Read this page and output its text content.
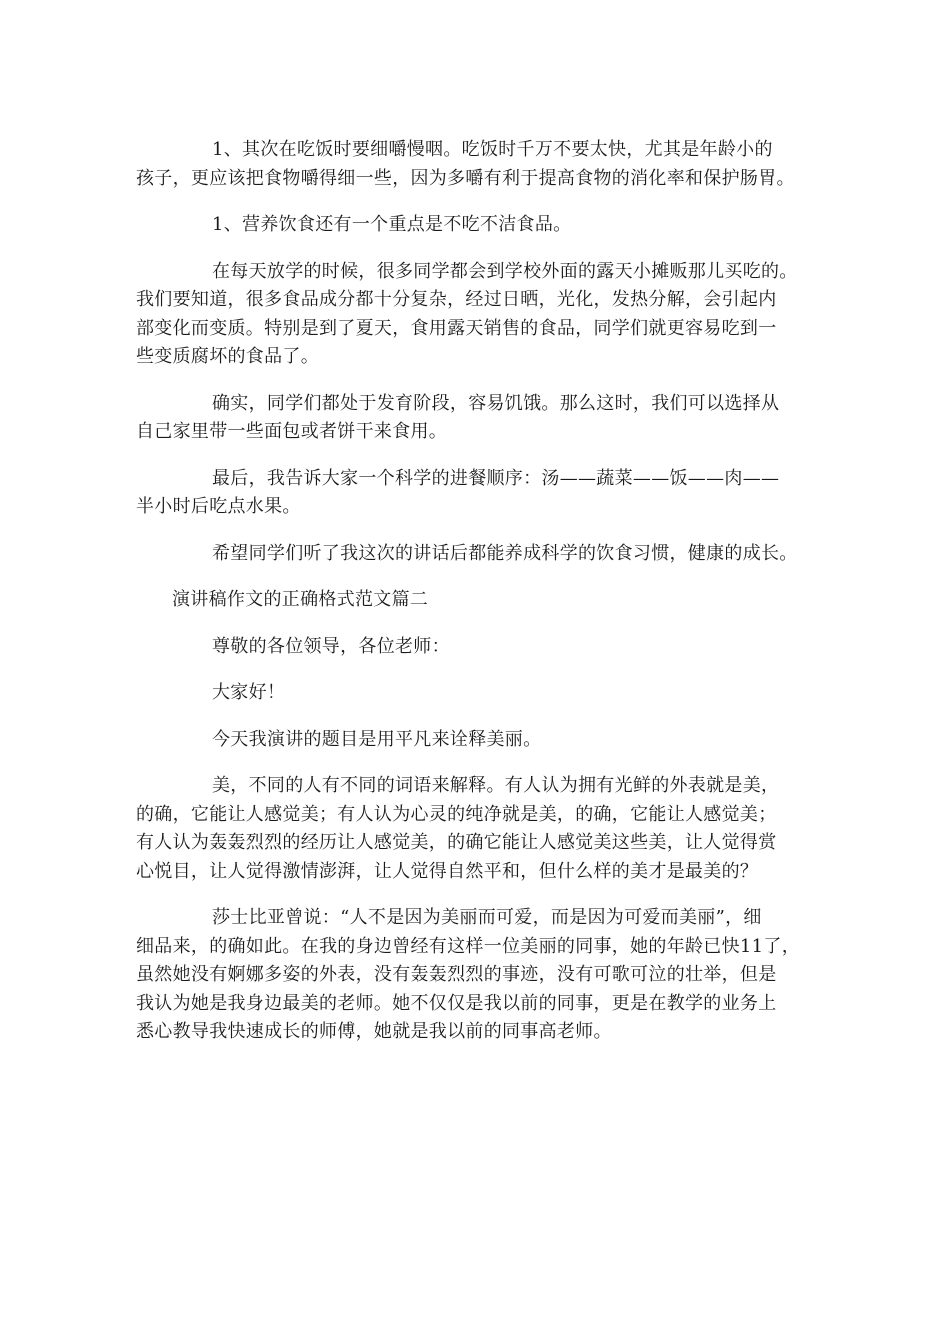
1、其次在吃饭时要细嚼慢咽。吃饭时千万不要太快，尤其是年龄小的
孩子，更应该把食物嚼得细一些，因为多嚼有利于提高食物的消化率和保护肠胃。
1、营养饮食还有一个重点是不吃不洁食品。
在每天放学的时候，很多同学都会到学校外面的露天小摊贩那儿买吃的。
我们要知道，很多食品成分都十分复杂，经过日晒，光化，发热分解，会引起内
部变化而变质。特别是到了夏天，食用露天销售的食品，同学们就更容易吃到一
些变质腐坏的食品了。
确实，同学们都处于发育阶段，容易饥饿。那么这时，我们可以选择从
自己家里带一些面包或者饼干来食用。
最后，我告诉大家一个科学的进餐顺序：汤——蔬菜——饭——肉——
半小时后吃点水果。
希望同学们听了我这次的讲话后都能养成科学的饮食习惯，健康的成长。
演讲稿作文的正确格式范文篇二
尊敬的各位领导，各位老师：
大家好！
今天我演讲的题目是用平凡来诠释美丽。
美，不同的人有不同的词语来解释。有人认为拥有光鲜的外表就是美，
的确，它能让人感觉美；有人认为心灵的纯净就是美，的确，它能让人感觉美；
有人认为轰轰烈烈的经历让人感觉美，的确它能让人感觉美这些美，让人觉得赏
心悦目，让人觉得激情澎湃，让人觉得自然平和，但什么样的美才是最美的？
莎士比亚曾说：“人不是因为美丽而可爱，而是因为可爱而美丽”，细
细品来，的确如此。在我的身边曾经有这样一位美丽的同事，她的年龄已快11了，
虽然她没有婀娜多姿的外表，没有轰轰烈烈的事迹，没有可歌可泣的壮举，但是
我认为她是我身边最美的老师。她不仅仅是我以前的同事，更是在教学的业务上
悉心教导我快速成长的师傅，她就是我以前的同事高老师。
